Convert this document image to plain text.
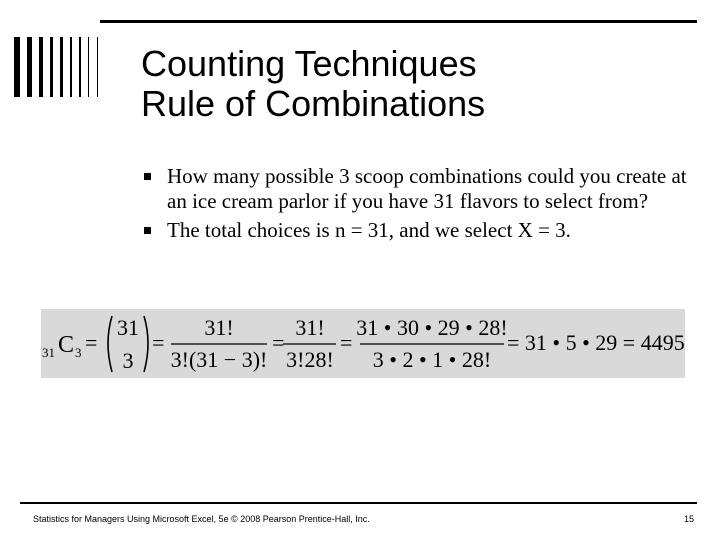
Counting Techniques
Rule of Combinations
How many possible 3 scoop combinations could you create at an ice cream parlor if you have 31 flavors to select from?
The total choices is n = 31, and we select X = 3.
31 C 3 =
31
3
=
31!
3!(31 − 3)!
=
31!
3!28!
=
31 • 30 • 29 • 28!
3 • 2 • 1 • 28!
= 31 • 5 • 29 = 4495
Statistics for Managers Using Microsoft Excel, 5e © 2008 Pearson Prentice-Hall, Inc.	15
